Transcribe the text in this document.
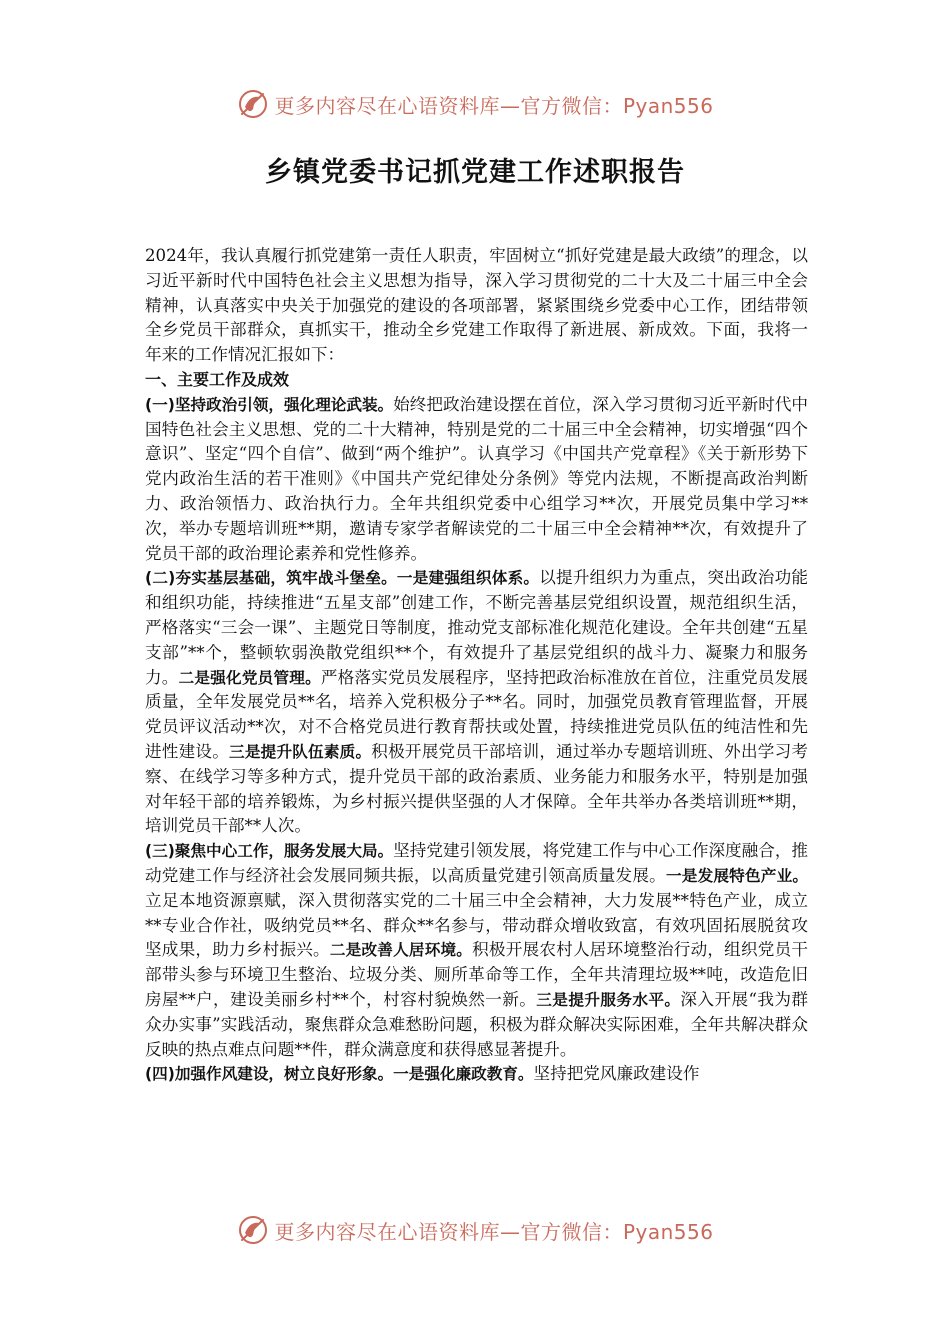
更多内容尽在心语资料库—官方微信：Pyan556
乡镇党委书记抓党建工作述职报告

2024年，我认真履行抓党建第一责任人职责，牢固树立“抓好党建是最大政绩”的理念，以习近平新时代中国特色社会主义思想为指导，深入学习贯彻党的二十大及二十届三中全会精神，认真落实中央关于加强党的建设的各项部署，紧紧围绕乡党委中心工作，团结带领全乡党员干部群众，真抓实干，推动全乡党建工作取得了新进展、新成效。下面，我将一年来的工作情况汇报如下：

一、主要工作及成效

(一)坚持政治引领，强化理论武装。始终把政治建设摆在首位，深入学习贯彻习近平新时代中国特色社会主义思想、党的二十大精神，特别是党的二十届三中全会精神，切实增强“四个意识”、坚定“四个自信”、做到“两个维护”。认真学习《中国共产党章程》《关于新形势下党内政治生活的若干准则》《中国共产党纪律处分条例》等党内法规，不断提高政治判断力、政治领悟力、政治执行力。全年共组织党委中心组学习**次，开展党员集中学习**次，举办专题培训班**期，邀请专家学者解读党的二十届三中全会精神**次，有效提升了党员干部的政治理论素养和党性修养。

(二)夯实基层基础，筑牢战斗堡垒。一是建强组织体系。以提升组织力为重点，突出政治功能和组织功能，持续推进“五星支部”创建工作，不断完善基层党组织设置，规范组织生活，严格落实“三会一课”、主题党日等制度，推动党支部标准化规范化建设。全年共创建“五星支部”**个，整顿软弱涣散党组织**个，有效提升了基层党组织的战斗力、凝聚力和服务力。二是强化党员管理。严格落实党员发展程序，坚持把政治标准放在首位，注重党员发展质量，全年发展党员**名，培养入党积极分子**名。同时，加强党员教育管理监督，开展党员评议活动**次，对不合格党员进行教育帮扶或处置，持续推进党员队伍的纯洁性和先进性建设。三是提升队伍素质。积极开展党员干部培训，通过举办专题培训班、外出学习考察、在线学习等多种方式，提升党员干部的政治素质、业务能力和服务水平，特别是加强对年轻干部的培养锻炼，为乡村振兴提供坚强的人才保障。全年共举办各类培训班**期，培训党员干部**人次。

(三)聚焦中心工作，服务发展大局。坚持党建引领发展，将党建工作与中心工作深度融合，推动党建工作与经济社会发展同频共振，以高质量党建引领高质量发展。一是发展特色产业。立足本地资源禀赋，深入贯彻落实党的二十届三中全会精神，大力发展**特色产业，成立**专业合作社，吸纳党员**名、群众**名参与，带动群众增收致富，有效巩固拓展脱贫攻坚成果，助力乡村振兴。二是改善人居环境。积极开展农村人居环境整治行动，组织党员干部带头参与环境卫生整治、垃圾分类、厕所革命等工作，全年共清理垃圾**吨，改造危旧房屋**户，建设美丽乡村**个，村容村貌焕然一新。三是提升服务水平。深入开展“我为群众办实事”实践活动，聚焦群众急难愁盼问题，积极为群众解决实际困难，全年共解决群众反映的热点难点问题**件，群众满意度和获得感显著提升。

(四)加强作风建设，树立良好形象。一是强化廉政教育。坚持把党风廉政建设作

更多内容尽在心语资料库—官方微信：Pyan556
